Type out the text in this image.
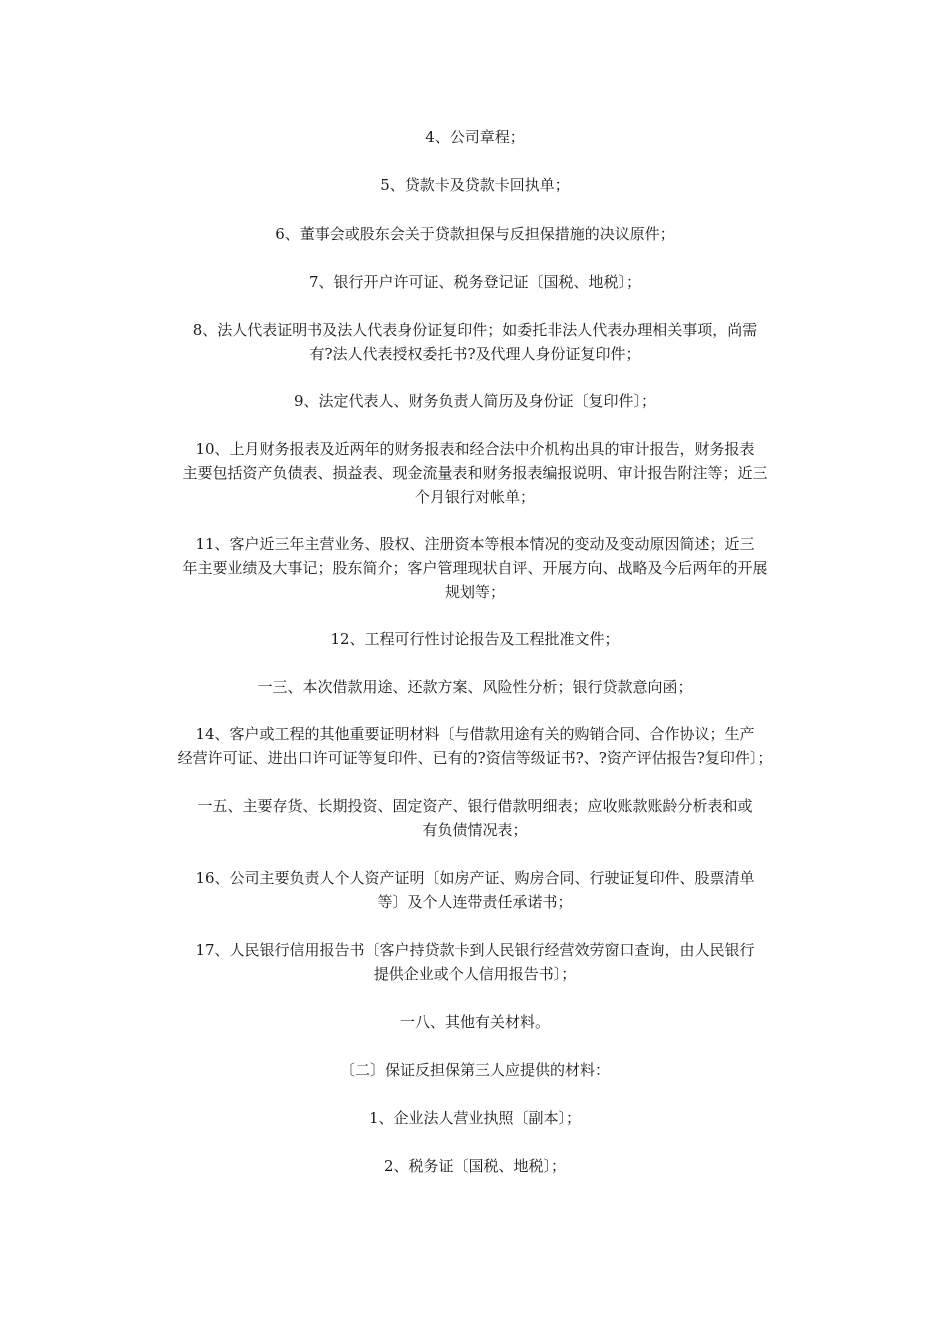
4、公司章程；
5、贷款卡及贷款卡回执单；
6、董事会或股东会关于贷款担保与反担保措施的决议原件；
7、银行开户许可证、税务登记证〔国税、地税〕；
8、法人代表证明书及法人代表身份证复印件；如委托非法人代表办理相关事项，尚需
有?法人代表授权委托书?及代理人身份证复印件；
9、法定代表人、财务负责人简历及身份证〔复印件〕；
10、上月财务报表及近两年的财务报表和经合法中介机构出具的审计报告，财务报表
主要包括资产负债表、损益表、现金流量表和财务报表编报说明、审计报告附注等；近三
个月银行对帐单；
11、客户近三年主营业务、股权、注册资本等根本情况的变动及变动原因简述；近三
年主要业绩及大事记；股东简介；客户管理现状自评、开展方向、战略及今后两年的开展
规划等；
12、工程可行性讨论报告及工程批准文件；
一三、本次借款用途、还款方案、风险性分析；银行贷款意向函；
14、客户或工程的其他重要证明材料〔与借款用途有关的购销合同、合作协议；生产
经营许可证、进出口许可证等复印件、已有的?资信等级证书?、?资产评估报告?复印件〕；
一五、主要存货、长期投资、固定资产、银行借款明细表；应收账款账龄分析表和或
有负债情况表；
16、公司主要负责人个人资产证明〔如房产证、购房合同、行驶证复印件、股票清单
等〕及个人连带责任承诺书；
17、人民银行信用报告书〔客户持贷款卡到人民银行经营效劳窗口查询，由人民银行
提供企业或个人信用报告书〕；
一八、其他有关材料。
〔二〕保证反担保第三人应提供的材料：
1、企业法人营业执照〔副本〕；
2、税务证〔国税、地税〕；
